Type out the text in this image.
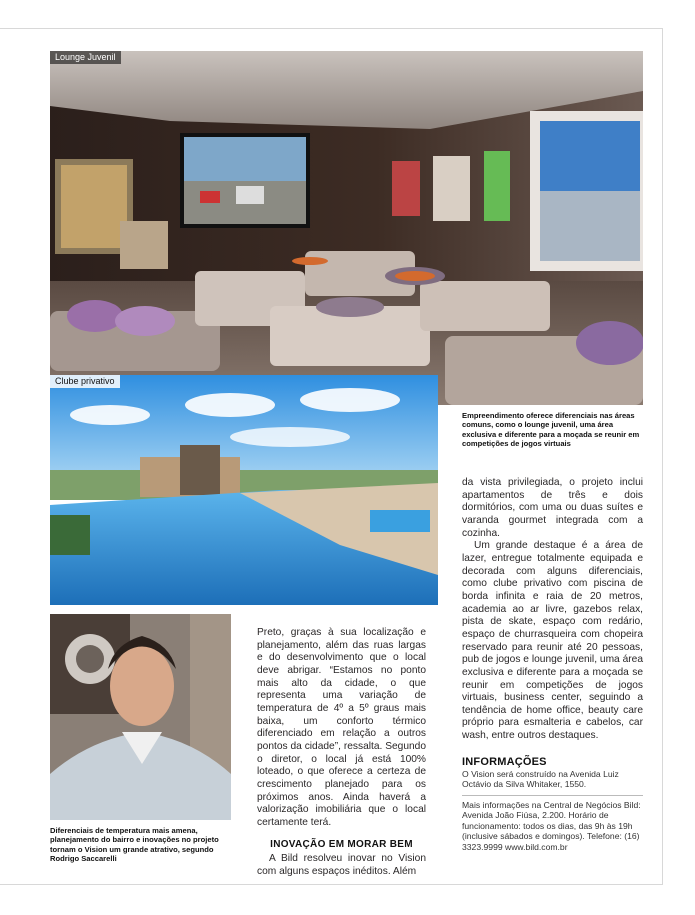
Lounge Juvenil
Clube privativo
Empreendimento oferece diferenciais nas áreas comuns, como o lounge juvenil, uma área exclusiva e diferente para a moçada se reunir em competições de jogos virtuais
Diferenciais de temperatura mais amena, planejamento do bairro e inovações no projeto tornam o Vision um grande atrativo, segundo Rodrigo Saccarelli

Preto, graças à sua localização e planejamento, além das ruas largas e do desenvolvimento que o local deve abrigar. “Estamos no ponto mais alto da cidade, o que representa uma variação de temperatura de 4º a 5º graus mais baixa, um conforto térmico diferenciado em relação a outros pontos da cidade”, ressalta. Segundo o diretor, o local já está 100% loteado, o que oferece a certeza de crescimento planejado para os próximos anos. Ainda haverá a valorização imobiliária que o local certamente terá.

INOVAÇÃO EM MORAR BEM

A Bild resolveu inovar no Vision com alguns espaços inéditos. Além

da vista privilegiada, o projeto inclui apartamentos de três e dois dormitórios, com uma ou duas suítes e varanda gourmet integrada com a cozinha.

Um grande destaque é a área de lazer, entregue totalmente equipada e decorada com alguns diferenciais, como clube privativo com piscina de borda infinita e raia de 20 metros, academia ao ar livre, gazebos relax, pista de skate, espaço com redário, espaço de churrasqueira com chopeira reservado para reunir até 20 pessoas, pub de jogos e lounge juvenil, uma área exclusiva e diferente para a moçada se reunir em competições de jogos virtuais, business center, seguindo a tendência de home office, beauty care próprio para esmalteria e cabelos, car wash, entre outros destaques.

INFORMAÇÕES
O Vision será construído na Avenida Luiz Octávio da Silva Whitaker, 1550.
Mais informações na Central de Negócios Bild: Avenida João Fiúsa, 2.200. Horário de funcionamento: todos os dias, das 9h às 19h (inclusive sábados e domingos). Telefone: (16) 3323.9999 www.bild.com.br
